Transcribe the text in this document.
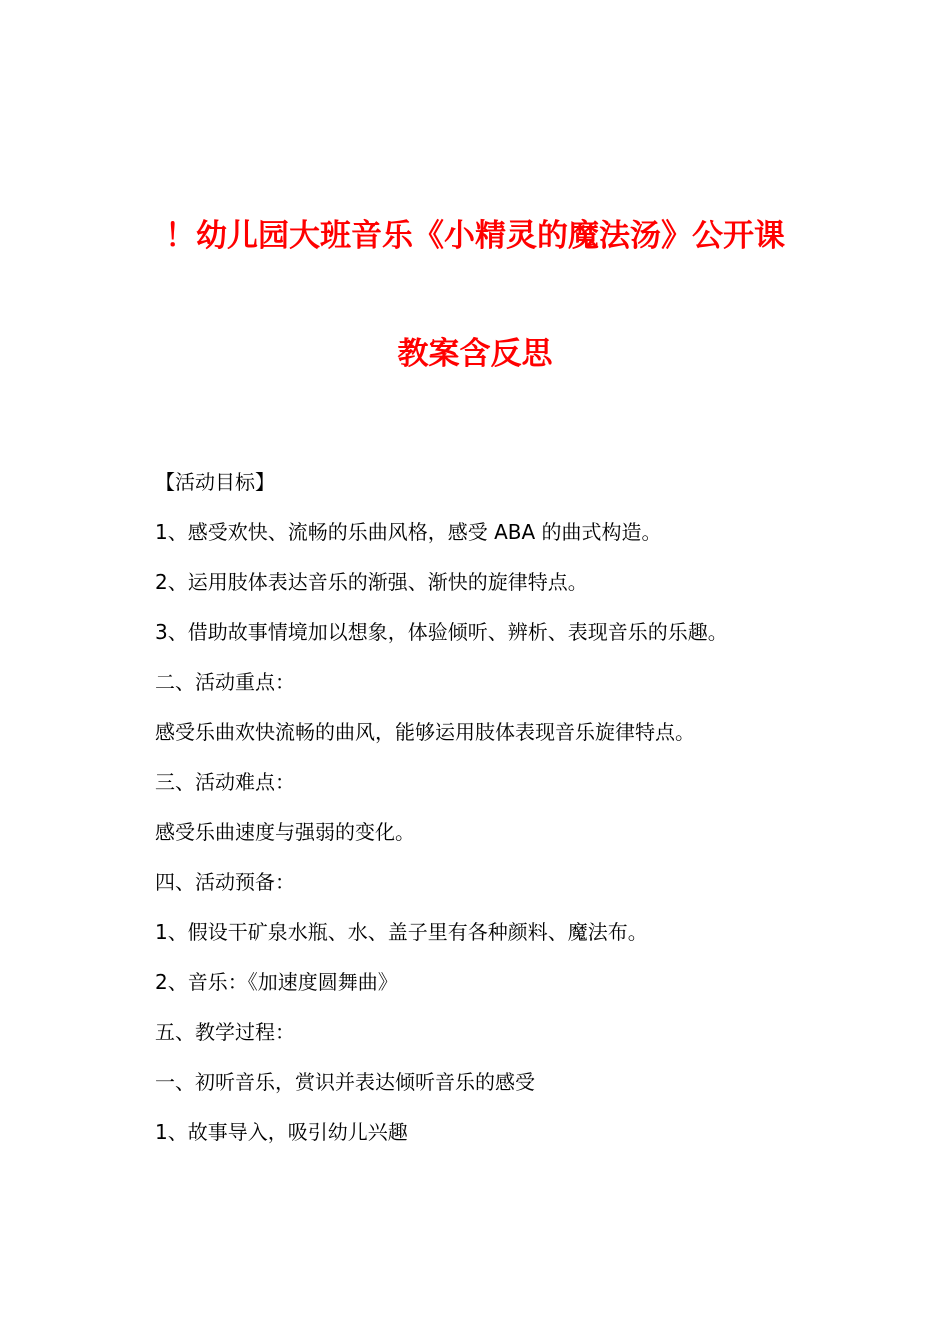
！幼儿园大班音乐《小精灵的魔法汤》公开课
教案含反思
【活动目标】
1、感受欢快、流畅的乐曲风格，感受 ABA 的曲式构造。
2、运用肢体表达音乐的渐强、渐快的旋律特点。
3、借助故事情境加以想象，体验倾听、辨析、表现音乐的乐趣。
二、活动重点：
感受乐曲欢快流畅的曲风，能够运用肢体表现音乐旋律特点。
三、活动难点：
感受乐曲速度与强弱的变化。
四、活动预备：
1、假设干矿泉水瓶、水、盖子里有各种颜料、魔法布。
2、音乐：《加速度圆舞曲》
五、教学过程：
一、初听音乐，赏识并表达倾听音乐的感受
1、故事导入，吸引幼儿兴趣
